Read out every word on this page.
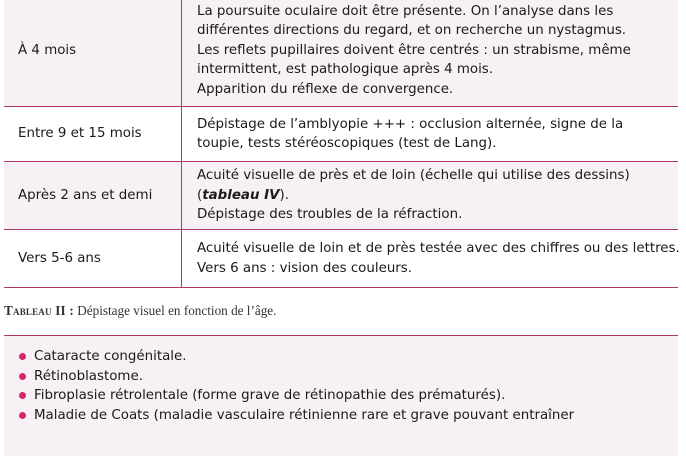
À 4 mois	La poursuite oculaire doit être présente. On l’analyse dans les
différentes directions du regard, et on recherche un nystagmus.
Les reflets pupillaires doivent être centrés : un strabisme, même
intermittent, est pathologique après 4 mois.
Apparition du réflexe de convergence.

Entre 9 et 15 mois	Dépistage de l’amblyopie +++ : occlusion alternée, signe de la
toupie, tests stéréoscopiques (test de Lang).

Après 2 ans et demi	Acuité visuelle de près et de loin (échelle qui utilise des dessins)
(tableau IV).
Dépistage des troubles de la réfraction.

Vers 5-6 ans	Acuité visuelle de loin et de près testée avec des chiffres ou des lettres.
Vers 6 ans : vision des couleurs.
Tableau II : Dépistage visuel en fonction de l’âge.
Cataracte congénitale.
Rétinoblastome.
Fibroplasie rétrolentale (forme grave de rétinopathie des prématurés).
Maladie de Coats (maladie vasculaire rétinienne rare et grave pouvant entraîner
